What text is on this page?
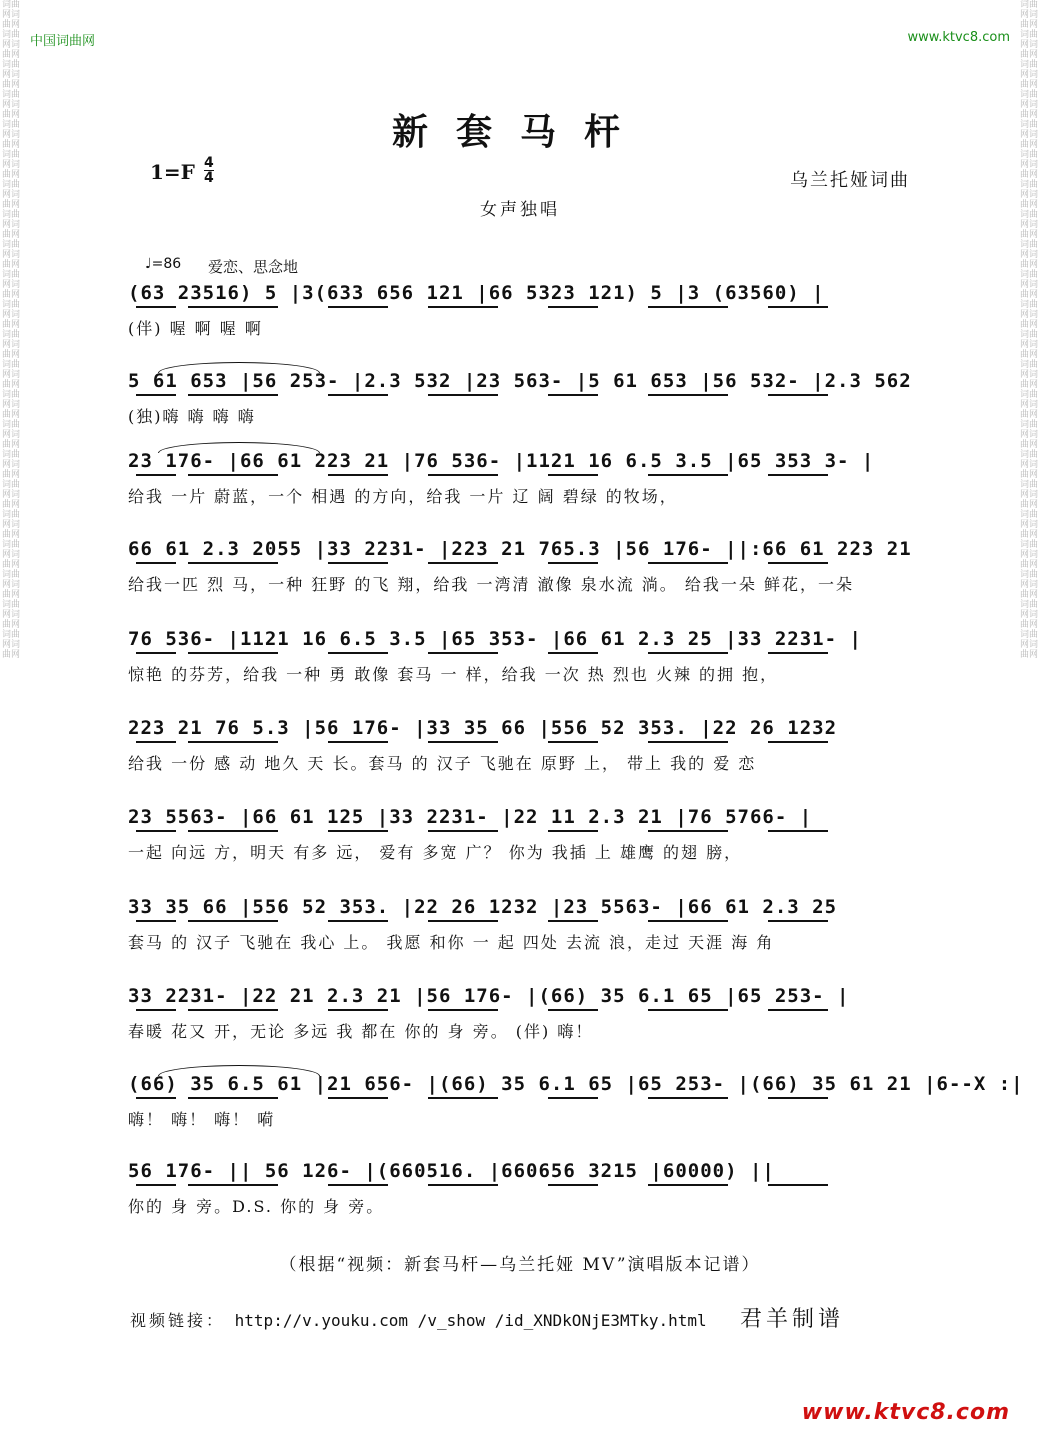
词曲网词曲网词曲网词曲网词曲网词曲网词曲网词曲网词曲网词曲网词曲网词曲网词曲网词曲网词曲网词曲网词曲网词曲网词曲网词曲网词曲网词曲网词曲网词曲网词曲网词曲网词曲网词曲网词曲网词曲网词曲网词曲网词曲网词曲网词曲网词曲网词曲网词曲网词曲网词曲网词曲网词曲网词曲网词曲网
词曲网词曲网词曲网词曲网词曲网词曲网词曲网词曲网词曲网词曲网词曲网词曲网词曲网词曲网词曲网词曲网词曲网词曲网词曲网词曲网词曲网词曲网词曲网词曲网词曲网词曲网词曲网词曲网词曲网词曲网词曲网词曲网词曲网词曲网词曲网词曲网词曲网词曲网词曲网词曲网词曲网词曲网词曲网词曲网
中国词曲网	www.ktvc8.com
新套马杆
1=F 4
4	乌兰托娅词曲
女声独唱
♩=86 爱恋、思念地
(63 23516) 5 |3(633 656 121 |66 5323 121) 5 |3 (63560) |
(伴) 喔 啊 喔 啊
5 61 653 |56 253- |2.3 532 |23 563- |5 61 653 |56 532- |2.3 562
(独)嗨 嗨 嗨 嗨
23 176- |66 61 223 21 |76 536- |1121 16 6.5 3.5 |65 353 3- |
给我 一片 蔚蓝，一个 相遇 的方向，给我 一片 辽 阔 碧绿 的牧场，
66 61 2.3 2055 |33 2231- |223 21 765.3 |56 176- ||:66 61 223 21
给我一匹 烈 马，一种 狂野 的飞 翔，给我 一湾清 澈像 泉水流 淌。 给我一朵 鲜花，一朵
76 536- |1121 16 6.5 3.5 |65 353- |66 61 2.3 25 |33 2231- |
惊艳 的芬芳，给我 一种 勇 敢像 套马 一 样，给我 一次 热 烈也 火辣 的拥 抱，
223 21 76 5.3 |56 176- |33 35 66 |556 52 353. |22 26 1232
给我 一份 感 动 地久 天 长。套马 的 汉子 飞驰在 原野 上， 带上 我的 爱 恋
23 5563- |66 61 125 |33 2231- |22 11 2.3 21 |76 5766- |
一起 向远 方，明天 有多 远， 爱有 多宽 广？ 你为 我插 上 雄鹰 的翅 膀，
33 35 66 |556 52 353. |22 26 1232 |23 5563- |66 61 2.3 25
套马 的 汉子 飞驰在 我心 上。 我愿 和你 一 起 四处 去流 浪，走过 天涯 海 角
33 2231- |22 21 2.3 21 |56 176- |(66) 35 6.1 65 |65 253- |
春暖 花又 开，无论 多远 我 都在 你的 身 旁。 (伴) 嗨！
(66) 35 6.5 61 |21 656- |(66) 35 6.1 65 |65 253- |(66) 35 61 21 |6--X :|
嗨！ 嗨！ 嗨！ 嗬
56 176- || 56 126- |(660516. |660656 3215 |60000) ||
你的 身 旁。D.S. 你的 身 旁。
（根据“视频：新套马杆—乌兰托娅 MV”演唱版本记谱）
视频链接： http://v.youku.com /v_show /id_XNDkONjE3MTky.html 君羊制谱
www.ktvc8.com
